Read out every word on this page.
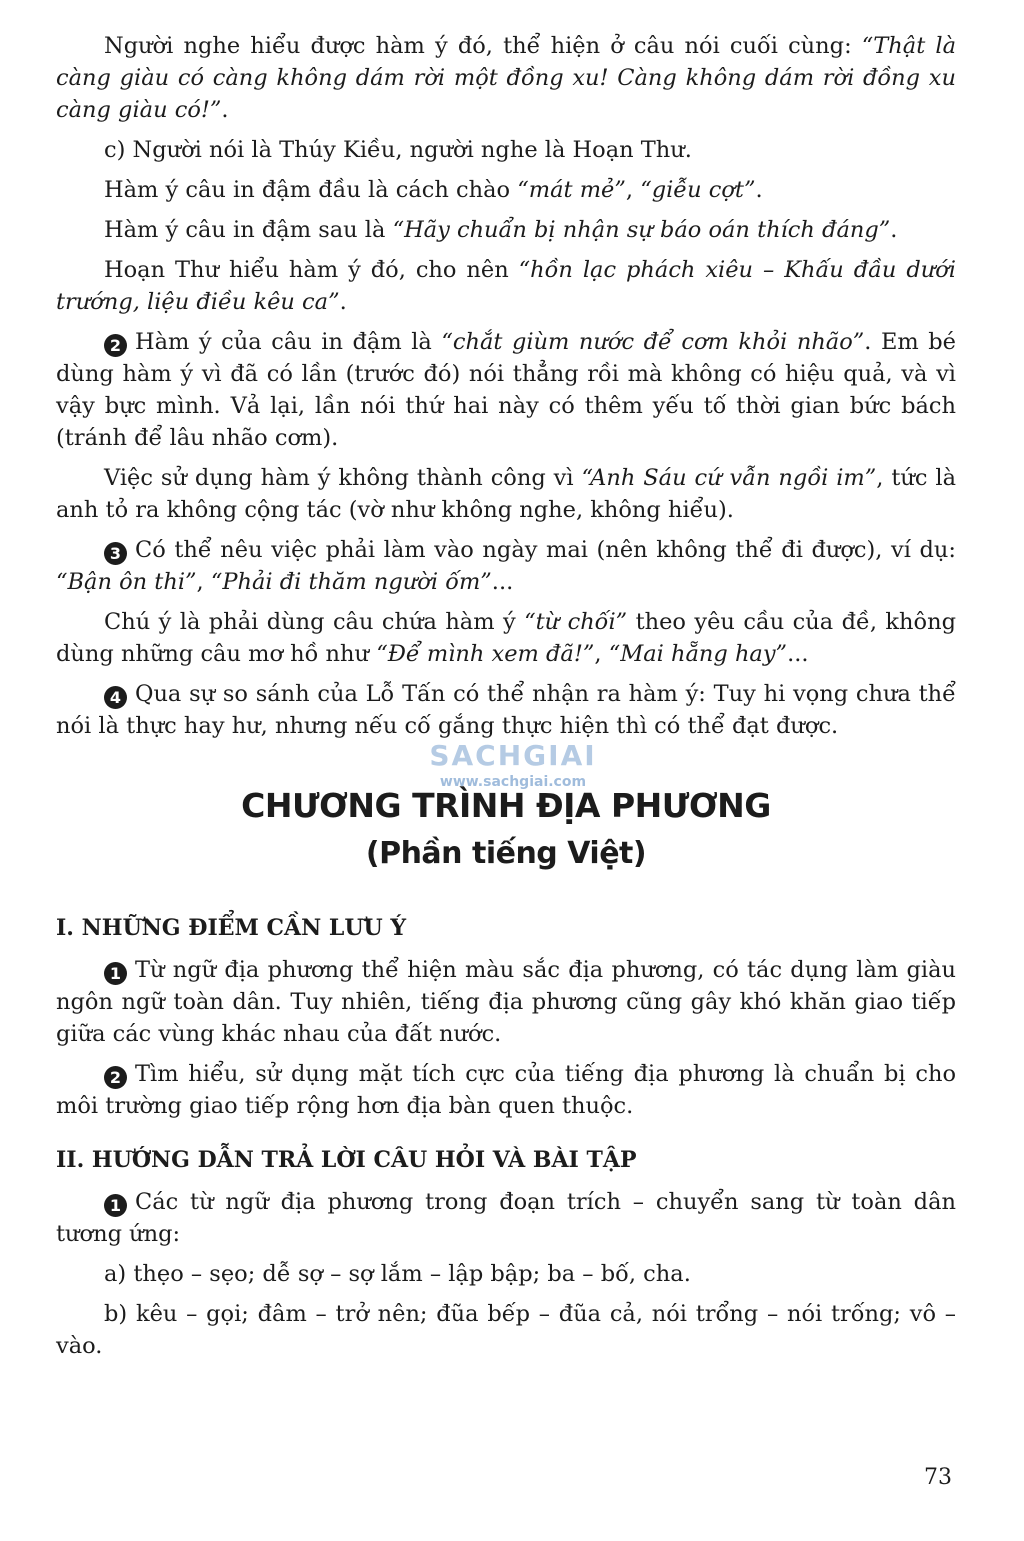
Người nghe hiểu được hàm ý đó, thể hiện ở câu nói cuối cùng: “Thật là càng giàu có càng không dám rời một đồng xu! Càng không dám rời đồng xu càng giàu có!”.

c) Người nói là Thúy Kiều, người nghe là Hoạn Thư.

Hàm ý câu in đậm đầu là cách chào “mát mẻ”, “giễu cợt”.

Hàm ý câu in đậm sau là “Hãy chuẩn bị nhận sự báo oán thích đáng”.

Hoạn Thư hiểu hàm ý đó, cho nên “hồn lạc phách xiêu – Khấu đầu dưới trướng, liệu điều kêu ca”.

2 Hàm ý của câu in đậm là “chắt giùm nước để cơm khỏi nhão”. Em bé dùng hàm ý vì đã có lần (trước đó) nói thẳng rồi mà không có hiệu quả, và vì vậy bực mình. Vả lại, lần nói thứ hai này có thêm yếu tố thời gian bức bách (tránh để lâu nhão cơm).

Việc sử dụng hàm ý không thành công vì “Anh Sáu cứ vẫn ngồi im”, tức là anh tỏ ra không cộng tác (vờ như không nghe, không hiểu).

3 Có thể nêu việc phải làm vào ngày mai (nên không thể đi được), ví dụ: “Bận ôn thi”, “Phải đi thăm người ốm”...

Chú ý là phải dùng câu chứa hàm ý “từ chối” theo yêu cầu của đề, không dùng những câu mơ hồ như “Để mình xem đã!”, “Mai hẵng hay”...

4 Qua sự so sánh của Lỗ Tấn có thể nhận ra hàm ý: Tuy hi vọng chưa thể nói là thực hay hư, nhưng nếu cố gắng thực hiện thì có thể đạt được.

CHƯƠNG TRÌNH ĐỊA PHƯƠNG
(Phần tiếng Việt)
I. NHỮNG ĐIỂM CẦN LƯU Ý

1 Từ ngữ địa phương thể hiện màu sắc địa phương, có tác dụng làm giàu ngôn ngữ toàn dân. Tuy nhiên, tiếng địa phương cũng gây khó khăn giao tiếp giữa các vùng khác nhau của đất nước.

2 Tìm hiểu, sử dụng mặt tích cực của tiếng địa phương là chuẩn bị cho môi trường giao tiếp rộng hơn địa bàn quen thuộc.

II. HƯỚNG DẪN TRẢ LỜI CÂU HỎI VÀ BÀI TẬP

1 Các từ ngữ địa phương trong đoạn trích – chuyển sang từ toàn dân tương ứng:

a) thẹo – sẹo; dễ sợ – sợ lắm – lập bập; ba – bố, cha.

b) kêu – gọi; đâm – trở nên; đũa bếp – đũa cả, nói trổng – nói trống; vô – vào.

SACHGIAI
www.sachgiai.com
73
